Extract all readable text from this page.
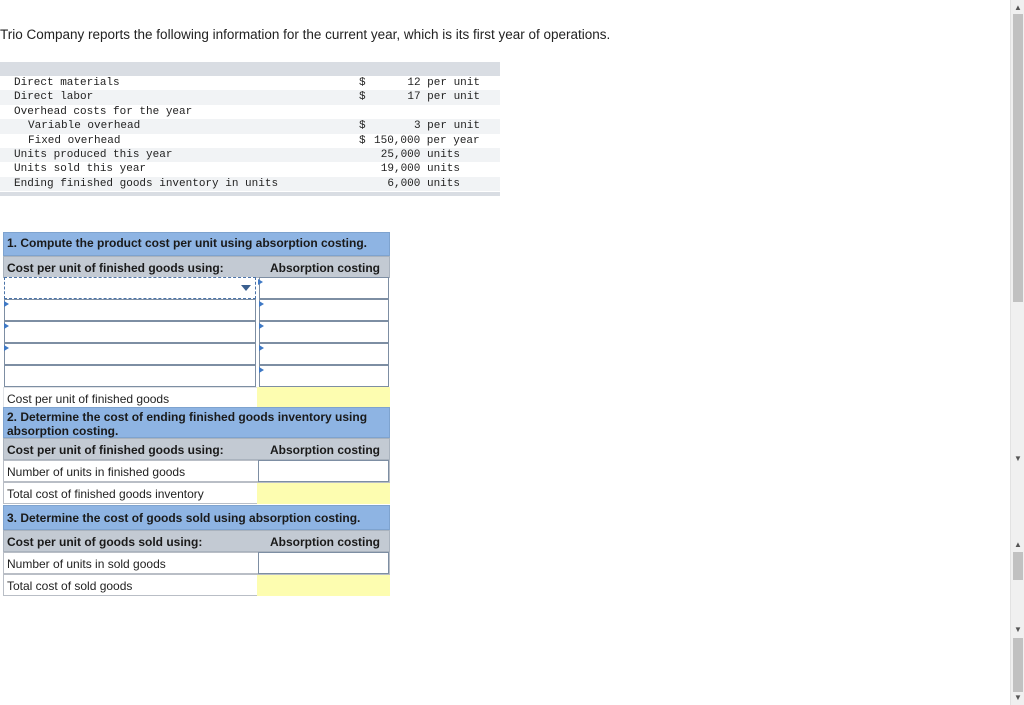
Trio Company reports the following information for the current year, which is its first year of operations.
Direct materials	$	12 per unit
Direct labor	$	17 per unit
Overhead costs for the year
Variable overhead	$	3 per unit
Fixed overhead	$ 150,000 per year
Units produced this year	25,000 units
Units sold this year	19,000 units
Ending finished goods inventory in units	6,000 units
1. Compute the product cost per unit using absorption costing.
Cost per unit of finished goods using:	Absorption costing
Cost per unit of finished goods
2. Determine the cost of ending finished goods inventory using absorption costing.
Cost per unit of finished goods using:	Absorption costing
Number of units in finished goods
Total cost of finished goods inventory
3. Determine the cost of goods sold using absorption costing.
Cost per unit of goods sold using:	Absorption costing
Number of units in sold goods
Total cost of sold goods
▲
▼
▲
▼
▼
